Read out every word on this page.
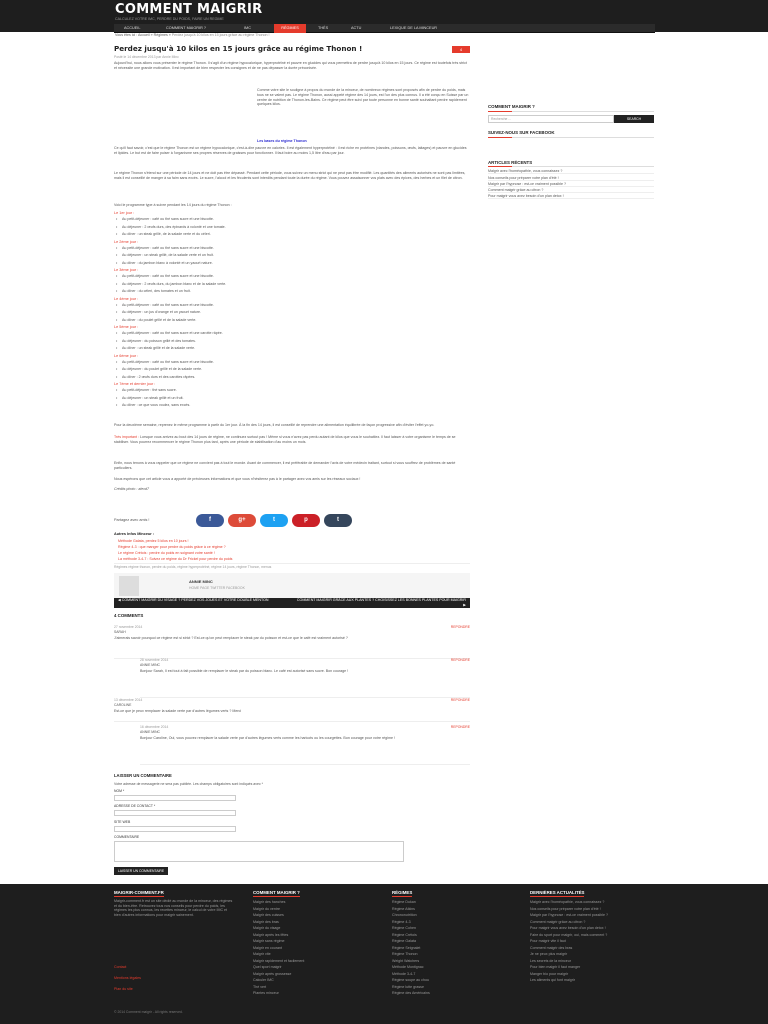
COMMENT MAIGRIR
CALCULEZ VOTRE IMC, PERDRE DU POIDS, FAIRE UN REGIME
ACCUEIL	COMMENT MAIGRIR ?	IMC	RÉGIMES	THÉS	ACTU	LEXIQUE DE LA MINCEUR
Vous êtes ici : Accueil » Régimes » Perdez jusqu'à 10 kilos en 15 jours grâce au régime Thonon !
Perdez jusqu'à 10 kilos en 15 jours grâce au régime Thonon !	4
Posté le 14 décembre 2013 par Annie Minc
Aujourd'hui, nous allons vous présenter le régime Thonon. Il s'agit d'un régime hypocalorique, hyperprotéiné et pauvre en glucides qui vous permettra de perdre jusqu'à 10 kilos en 15 jours. Ce régime est toutefois très strict et nécessite une grande motivation. Il est important de bien respecter les consignes et de ne pas dépasser la durée préconisée.
Comme votre site le souligne à propos du monde de la minceur, de nombreux régimes sont proposés afin de perdre du poids, mais tous ne se valent pas. Le régime Thonon, aussi appelé régime des 14 jours, est l'un des plus connus. Il a été conçu en Suisse par un centre de nutrition de Thonon-les-Bains. Ce régime peut être suivi par toute personne en bonne santé souhaitant perdre rapidement quelques kilos.
Les bases du régime Thonon
Ce qu'il faut savoir, c'est que le régime Thonon est un régime hypocalorique, c'est-à-dire pauvre en calories. Il est également hyperprotéiné : il est riche en protéines (viandes, poissons, œufs, laitages) et pauvre en glucides et lipides. Le but est de faire puiser à l'organisme ses propres réserves de graisses pour fonctionner. Il faut boire au moins 1,5 litre d'eau par jour.
Le régime Thonon s'étend sur une période de 14 jours et ne doit pas être dépassé. Pendant cette période, vous suivez un menu strict qui ne peut pas être modifié. Les quantités des aliments autorisés ne sont pas limitées, mais il est conseillé de manger à sa faim sans excès. Le sucre, l'alcool et les féculents sont interdits pendant toute la durée du régime. Vous pouvez assaisonner vos plats avec des épices, des herbes et un filet de citron.
Voici le programme type à suivre pendant les 14 jours du régime Thonon :
Le 1er jour :
• Au petit-déjeuner : café ou thé sans sucre et une biscotte.
• Au déjeuner : 2 œufs durs, des épinards à volonté et une tomate.
• Au dîner : un steak grillé, de la salade verte et du céleri.
Le 2ème jour :
• Au petit-déjeuner : café ou thé sans sucre et une biscotte.
• Au déjeuner : un steak grillé, de la salade verte et un fruit.
• Au dîner : du jambon blanc à volonté et un yaourt nature.
Le 3ème jour :
• Au petit-déjeuner : café ou thé sans sucre et une biscotte.
• Au déjeuner : 2 œufs durs, du jambon blanc et de la salade verte.
• Au dîner : du céleri, des tomates et un fruit.
Le 4ème jour :
• Au petit-déjeuner : café ou thé sans sucre et une biscotte.
• Au déjeuner : un jus d'orange et un yaourt nature.
• Au dîner : du poulet grillé et de la salade verte.
Le 5ème jour :
• Au petit-déjeuner : café ou thé sans sucre et une carotte râpée.
• Au déjeuner : du poisson grillé et des tomates.
• Au dîner : un steak grillé et de la salade verte.
Le 6ème jour :
• Au petit-déjeuner : café ou thé sans sucre et une biscotte.
• Au déjeuner : du poulet grillé et de la salade verte.
• Au dîner : 2 œufs durs et des carottes râpées.
Le 7ème et dernier jour :
• Au petit-déjeuner : thé sans sucre.
• Au déjeuner : un steak grillé et un fruit.
• Au dîner : ce que vous voulez, sans excès.
Pour la deuxième semaine, reprenez le même programme à partir du 1er jour. À la fin des 14 jours, il est conseillé de reprendre une alimentation équilibrée de façon progressive afin d'éviter l'effet yo-yo.
Très important : Lorsque vous arrivez au bout des 14 jours de régime, ne continuez surtout pas ! Même si vous n'avez pas perdu autant de kilos que vous le souhaitiez. Il faut laisser à votre organisme le temps de se stabiliser. Vous pourrez recommencer le régime Thonon plus tard, après une période de stabilisation d'au moins un mois.
Enfin, nous tenons à vous rappeler que ce régime ne convient pas à tout le monde. Avant de commencer, il est préférable de demander l'avis de votre médecin traitant, surtout si vous souffrez de problèmes de santé particuliers.
Nous espérons que cet article vous a apporté de précieuses informations et que vous n'hésiterez pas à le partager avec vos amis sur les réseaux sociaux !
Crédits photo : alexd7
Partagez avec amis !	f	g+	t	p	t
Autres Infos Minceur :
Méthode Galata, perdez 5 kilos en 10 jours !
Régime 4-3 : que manger pour perdre du poids grâce à ce régime ?
Le régime Crétois : perdre du poids en soignant votre santé !
La méthode 3-4-7 : Suivez ce régime du Dr Frickel pour perdre du poids
Régimes régime thonon, perdre du poids, régime hyperprotéiné, régime 14 jours, régime Thonon, menus
ANNIE MINC
HOME PAGE TWITTER FACEBOOK
◀ COMMENT MAIGRIR DU VISAGE ? PERDEZ VOS JOUES ET VOTRE DOUBLE MENTON	COMMENT MAIGRIR GRÂCE AUX PLANTES ? CHOISISSEZ LES BONNES PLANTES POUR MAIGRIR ▶
4 COMMENTS
27 novembre 2014
SARAH
REPONDRE
J'aimerais savoir pourquoi ce régime est si strict ? Est-ce qu'on peut remplacer le steak par du poisson et est-ce que le café est vraiment autorisé ?
28 novembre 2014
ANNIE MINC
REPONDRE
Bonjour Sarah, Il est tout à fait possible de remplacer le steak par du poisson blanc. Le café est autorisé sans sucre. Bon courage !
13 décembre 2014
CAROLINE
REPONDRE
Est-ce que je peux remplacer la salade verte par d'autres légumes verts ? Merci
16 décembre 2014
ANNIE MINC
REPONDRE
Bonjour Caroline, Oui, vous pouvez remplacer la salade verte par d'autres légumes verts comme les haricots ou les courgettes. Bon courage pour votre régime !
LAISSER UN COMMENTAIRE
Votre adresse de messagerie ne sera pas publiée. Les champs obligatoires sont indiqués avec *
NOM *
ADRESSE DE CONTACT *
SITE WEB
COMMENTAIRE
LAISSER UN COMMENTAIRE
COMMENT MAIGRIR ?
Recherche ...	SEARCH
SUIVEZ-NOUS SUR FACEBOOK
ARTICLES RÉCENTS
Maigrir avec l'homéopathie, vous connaissez ?
Nos conseils pour préparer votre plan d'été !
Maigrir par l'hypnose : est-ce vraiment possible ?
Comment maigrir grâce au citron ?
Pour maigrir vous avez besoin d'un plan detox !
MAIGRIR-COMMENT.FR
Maigrir-comment.fr est un site dédié au monde de la minceur, des régimes et du bien-être. Retrouvez tous nos conseils pour perdre du poids, les régimes les plus connus, les recettes minceur, le calcul de votre IMC et bien d'autres informations pour maigrir sainement.
Contact
Mentions légales
Plan du site
COMMENT MAIGRIR ?
Maigrir des hanches
Maigrir du ventre
Maigrir des cuisses
Maigrir des bras
Maigrir du visage
Maigrir après les fêtes
Maigrir sans régime
Maigrir en courant
Maigrir vite
Maigrir rapidement et facilement
Quel sport maigrir
Maigrir après grossesse
Calculer IMC
Thé vert
Plantes minceur
RÉGIMES
Régime Dukan
Régime Atkins
Chrononutrition
Régime 4-3
Régime Cohen
Régime Crétois
Régime Galata
Régime Seignalet
Régime Thonon
Weight Watchers
Méthode Montignac
Méthode 3-4-7
Régime soupe au chou
Régime lutte grasse
Régime des Américains
DERNIÈRES ACTUALITÉS
Maigrir avec l'homéopathie, vous connaissez ?
Nos conseils pour préparer votre plan d'été !
Maigrir par l'hypnose : est-ce vraiment possible ?
Comment maigrir grâce au citron ?
Pour maigrir vous avez besoin d'un plan detox !
Faire du sport pour maigrir, oui, mais comment ?
Pour maigrir vite il faut
Comment maigrir des bras
Je ne peux plus maigrir
Les secrets de la minceur
Pour bien maigrir il faut manger
Manger bio pour maigrir
Les aliments qui font maigrir
© 2014 Comment maigrir - All rights reserved.
